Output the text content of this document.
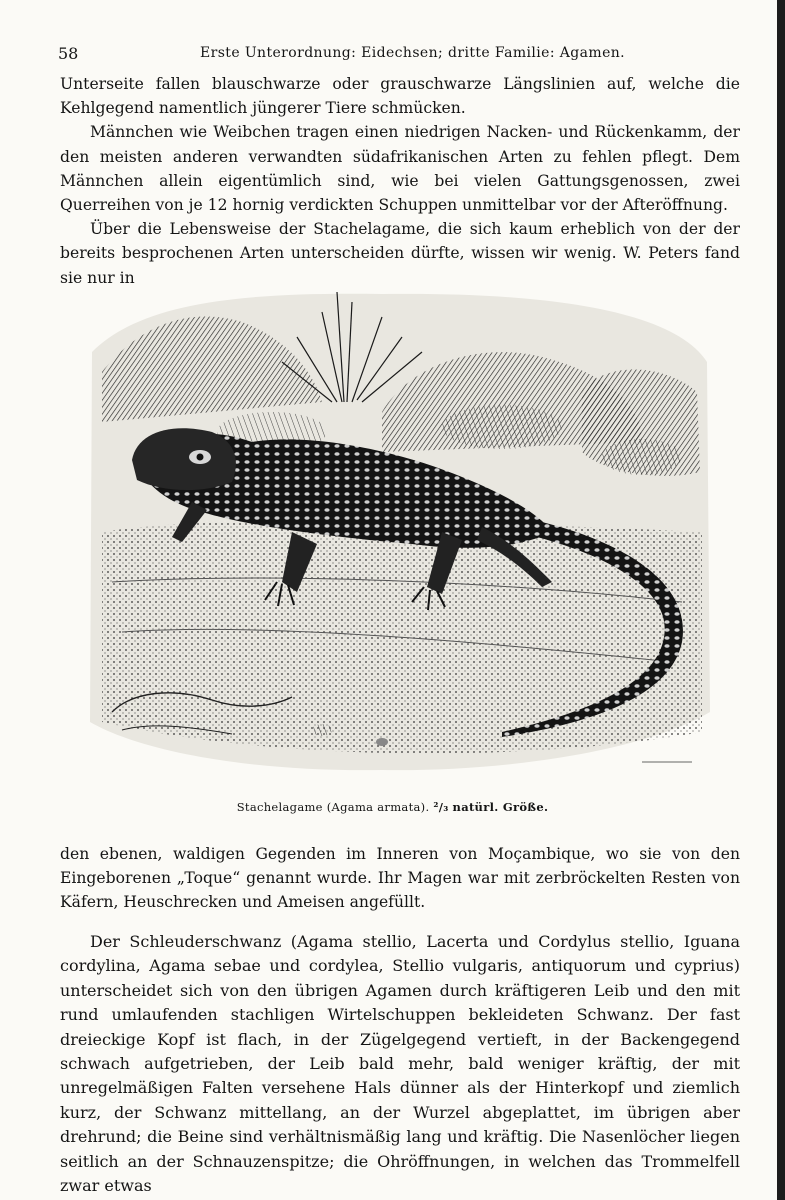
58	Erste Unterordnung: Eidechsen; dritte Familie: Agamen.

Unterseite fallen blauschwarze oder grauschwarze Längslinien auf, welche die Kehlgegend namentlich jüngerer Tiere schmücken.

Männchen wie Weibchen tragen einen niedrigen Nacken- und Rückenkamm, der den meisten anderen verwandten südafrikanischen Arten zu fehlen pflegt. Dem Männchen allein eigentümlich sind, wie bei vielen Gattungsgenossen, zwei Querreihen von je 12 hornig verdickten Schuppen unmittelbar vor der Afteröffnung.

Über die Lebensweise der Stachelagame, die sich kaum erheblich von der der bereits besprochenen Arten unterscheiden dürfte, wissen wir wenig. W. Peters fand sie nur in

Stachelagame (Agama armata). ²/₃ natürl. Größe.

den ebenen, waldigen Gegenden im Inneren von Moçambique, wo sie von den Eingeborenen „Toque“ genannt wurde. Ihr Magen war mit zerbröckelten Resten von Käfern, Heuschrecken und Ameisen angefüllt.

Der Schleuderschwanz (Agama stellio, Lacerta und Cordylus stellio, Iguana cordylina, Agama sebae und cordylea, Stellio vulgaris, antiquorum und cyprius) unterscheidet sich von den übrigen Agamen durch kräftigeren Leib und den mit rund umlaufenden stachligen Wirtelschuppen bekleideten Schwanz. Der fast dreieckige Kopf ist flach, in der Zügelgegend vertieft, in der Backengegend schwach aufgetrieben, der Leib bald mehr, bald weniger kräftig, der mit unregelmäßigen Falten versehene Hals dünner als der Hinterkopf und ziemlich kurz, der Schwanz mittellang, an der Wurzel abgeplattet, im übrigen aber drehrund; die Beine sind verhältnismäßig lang und kräftig. Die Nasenlöcher liegen seitlich an der Schnauzenspitze; die Ohröffnungen, in welchen das Trommelfell zwar etwas
